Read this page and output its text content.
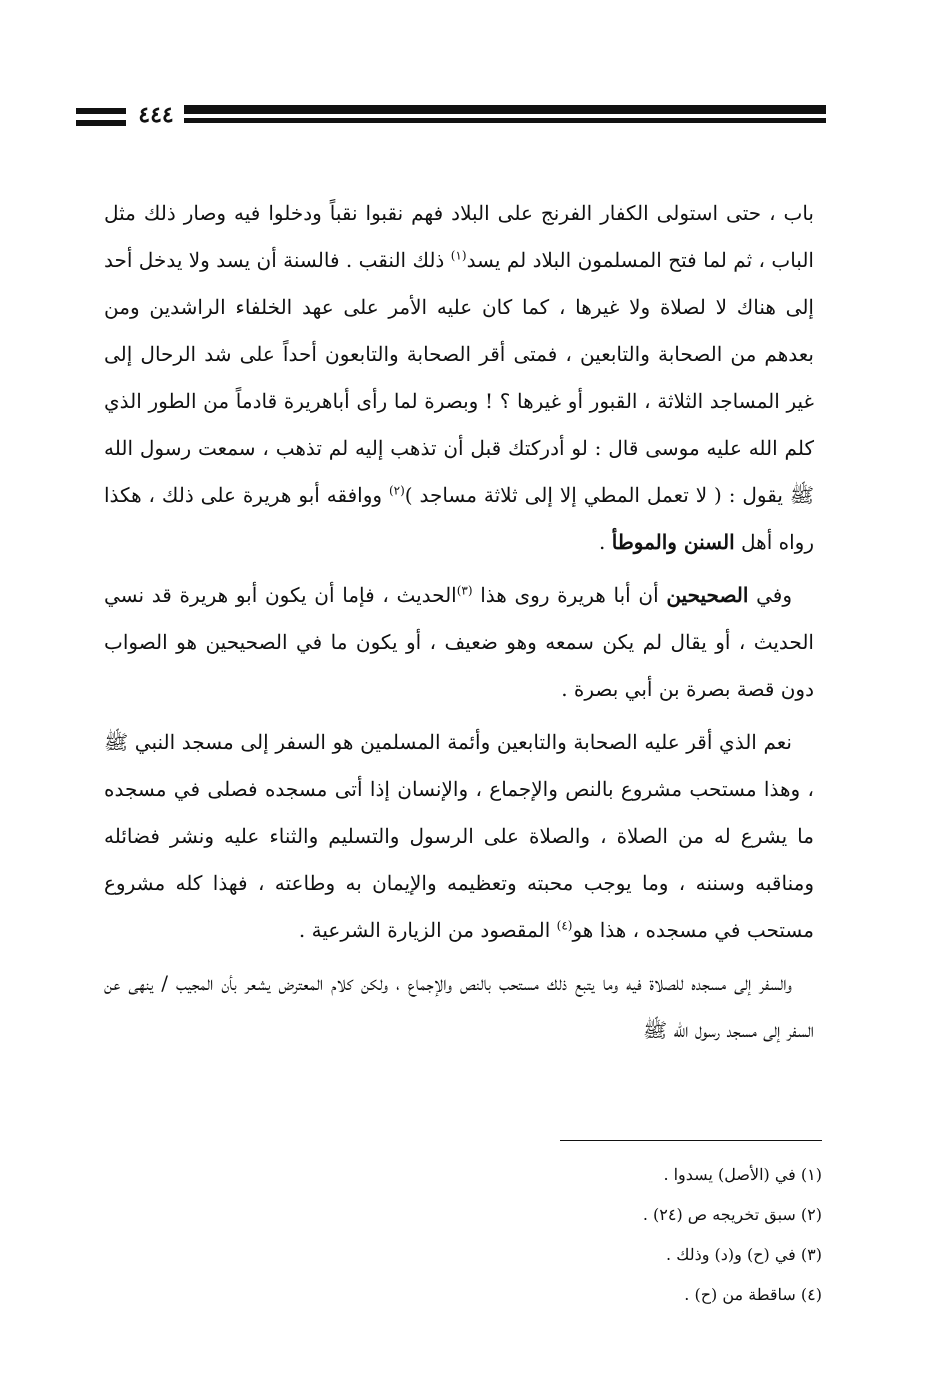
٤٤٤

باب ، حتى استولى الكفار الفرنج على البلاد فهم نقبوا نقباً ودخلوا فيه وصار ذلك مثل الباب ، ثم لما فتح المسلمون البلاد لم يسد$^{(١)}$ ذلك النقب . فالسنة أن يسد ولا يدخل أحد إلى هناك لا لصلاة ولا غيرها ، كما كان عليه الأمر على عهد الخلفاء الراشدين ومن بعدهم من الصحابة والتابعين ، فمتى أقر الصحابة والتابعون أحداً على شد الرحال إلى غير المساجد الثلاثة ، القبور أو غيرها ؟ ! وبصرة لما رأى أباهريرة قادماً من الطور الذي كلم الله عليه موسى قال : لو أدركتك قبل أن تذهب إليه لم تذهب ، سمعت رسول الله ﷺ يقول : ( لا تعمل المطي إلا إلى ثلاثة مساجد )$^{(٢)}$ ووافقه أبو هريرة على ذلك ، هكذا رواه أهل السنن والموطأ .

وفي الصحيحين أن أبا هريرة روى هذا $^{(٣)}$الحديث ، فإما أن يكون أبو هريرة قد نسي الحديث ، أو يقال لم يكن سمعه وهو ضعيف ، أو يكون ما في الصحيحين هو الصواب دون قصة بصرة بن أبي بصرة .

نعم الذي أقر عليه الصحابة والتابعين وأئمة المسلمين هو السفر إلى مسجد النبي ﷺ ، وهذا مستحب مشروع بالنص والإجماع ، والإنسان إذا أتى مسجده فصلى في مسجده ما يشرع له من الصلاة ، والصلاة على الرسول والتسليم والثناء عليه ونشر فضائله ومناقبه وسننه ، وما يوجب محبته وتعظيمه والإيمان به وطاعته ، فهذا كله مشروع مستحب في مسجده ، هذا هو$^{(٤)}$ المقصود من الزيارة الشرعية .

والسفر إلى مسجده للصلاة فيه وما يتبع ذلك مستحب بالنص والإجماع ، ولكن كلام المعترض يشعر بأن المجيب / ينهى عن السفر إلى مسجد رسول الله ﷺ

(١) في (الأصل) يسدوا .
(٢) سبق تخريجه ص (٢٤) .
(٣) في (ح) و(د) وذلك .
(٤) ساقطة من (ح) .
